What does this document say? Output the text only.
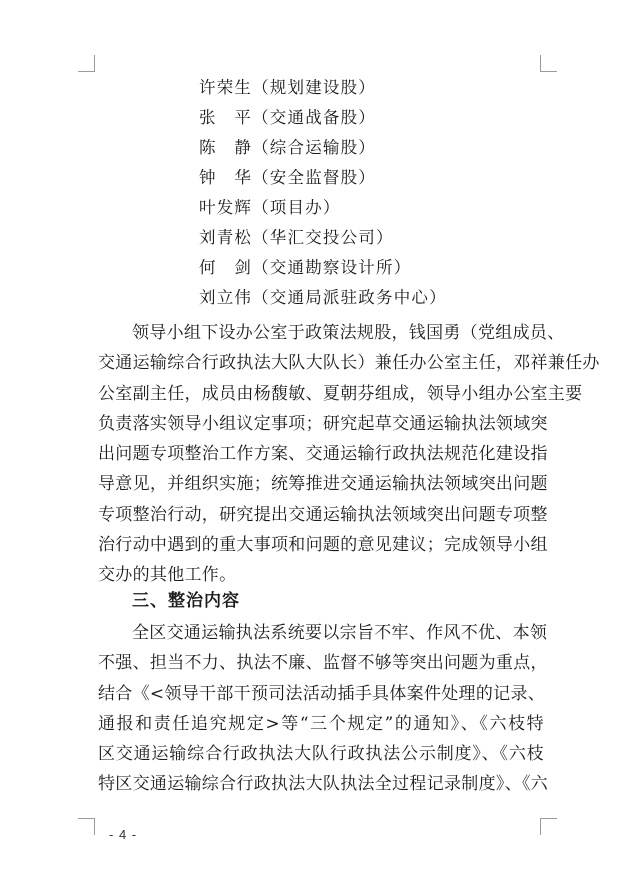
许荣生（规划建设股）
张　平（交通战备股）
陈　静（综合运输股）
钟　华（安全监督股）
叶发辉（项目办）
刘青松（华汇交投公司）
何　剑（交通勘察设计所）
刘立伟（交通局派驻政务中心）

领导小组下设办公室于政策法规股，钱国勇（党组成员、
交通运输综合行政执法大队大队长）兼任办公室主任，邓祥兼任办
公室副主任，成员由杨馥敏、夏朝芬组成，领导小组办公室主要
负责落实领导小组议定事项；研究起草交通运输执法领域突
出问题专项整治工作方案、交通运输行政执法规范化建设指
导意见，并组织实施；统筹推进交通运输执法领域突出问题
专项整治行动，研究提出交通运输执法领域突出问题专项整
治行动中遇到的重大事项和问题的意见建议；完成领导小组
交办的其他工作。

三、整治内容

全区交通运输执法系统要以宗旨不牢、作风不优、本领
不强、担当不力、执法不廉、监督不够等突出问题为重点，
结合《<领导干部干预司法活动插手具体案件处理的记录、
通报和责任追究规定>等“三个规定”的通知》、《六枝特
区交通运输综合行政执法大队行政执法公示制度》、《六枝
特区交通运输综合行政执法大队执法全过程记录制度》、《六

- 4 -
